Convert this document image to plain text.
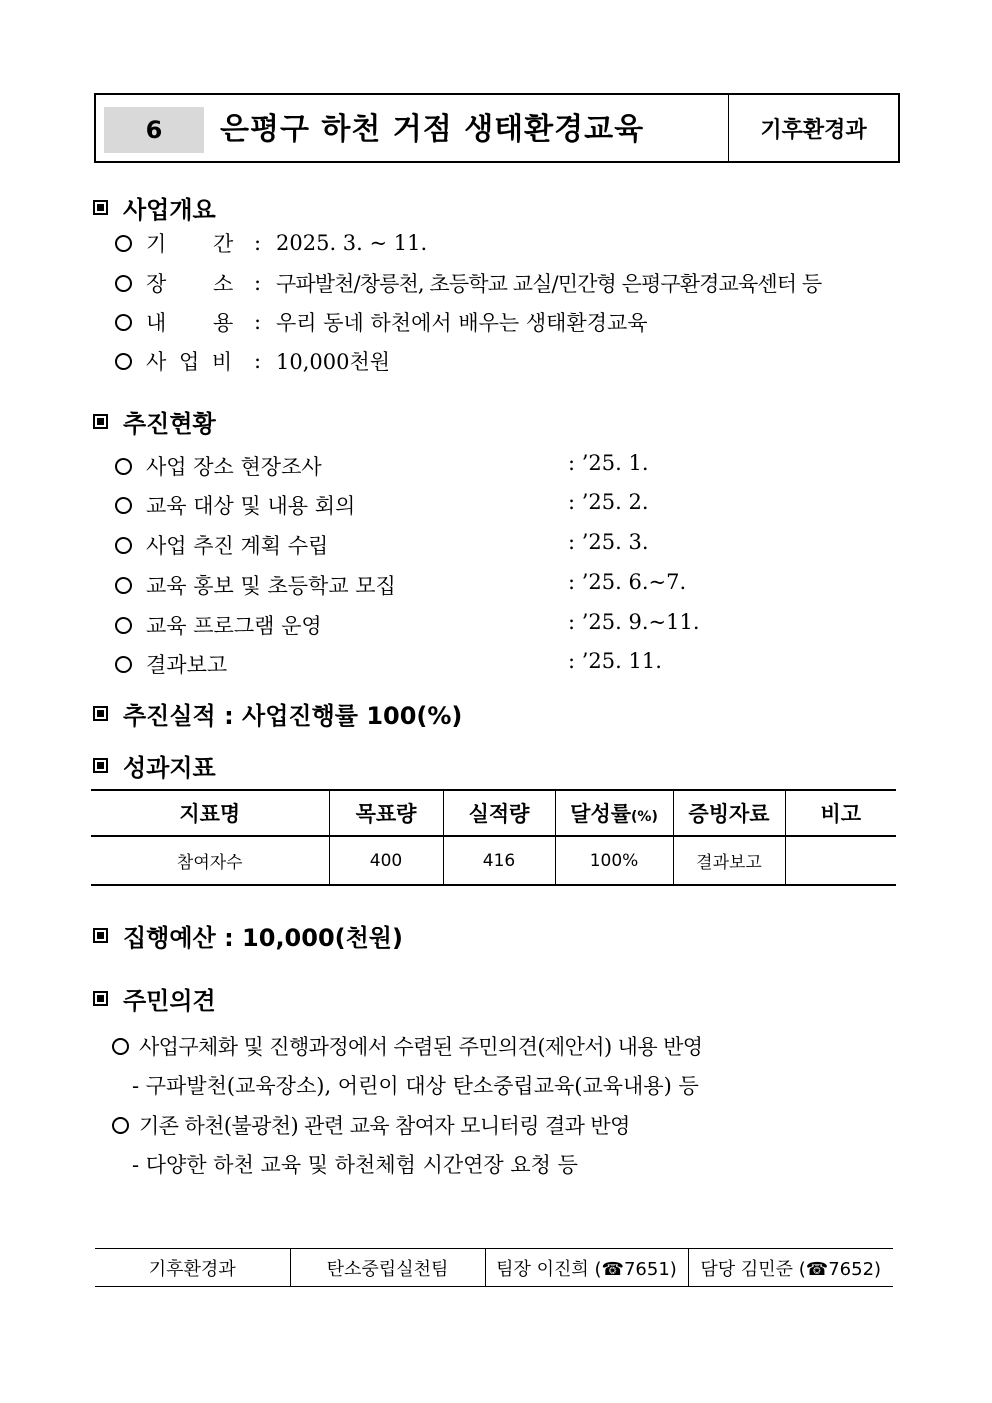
6	은평구 하천 거점 생태환경교육	기후환경과
사업개요
기 간 : 2025. 3. ~ 11.
장 소 : 구파발천/창릉천, 초등학교 교실/민간형 은평구환경교육센터 등
내 용 : 우리 동네 하천에서 배우는 생태환경교육
사 업 비	: 10,000천원
추진현황
사업 장소 현장조사	: ’25. 1.
교육 대상 및 내용 회의	: ’25. 2.
사업 추진 계획 수립	: ’25. 3.
교육 홍보 및 초등학교 모집	: ’25. 6.~7.
교육 프로그램 운영	: ’25. 9.~11.
결과보고	: ’25. 11.
추진실적 : 사업진행률 100(%)
성과지표
지표명	목표량	실적량	달성률(%)	증빙자료	비고
참여자수	400	416	100%	결과보고	
집행예산 : 10,000(천원)
주민의견
사업구체화 및 진행과정에서 수렴된 주민의견(제안서) 내용 반영
- 구파발천(교육장소), 어린이 대상 탄소중립교육(교육내용) 등
기존 하천(불광천) 관련 교육 참여자 모니터링 결과 반영
- 다양한 하천 교육 및 하천체험 시간연장 요청 등
기후환경과	탄소중립실천팀	팀장 이진희 (☎7651)	담당 김민준 (☎7652)
